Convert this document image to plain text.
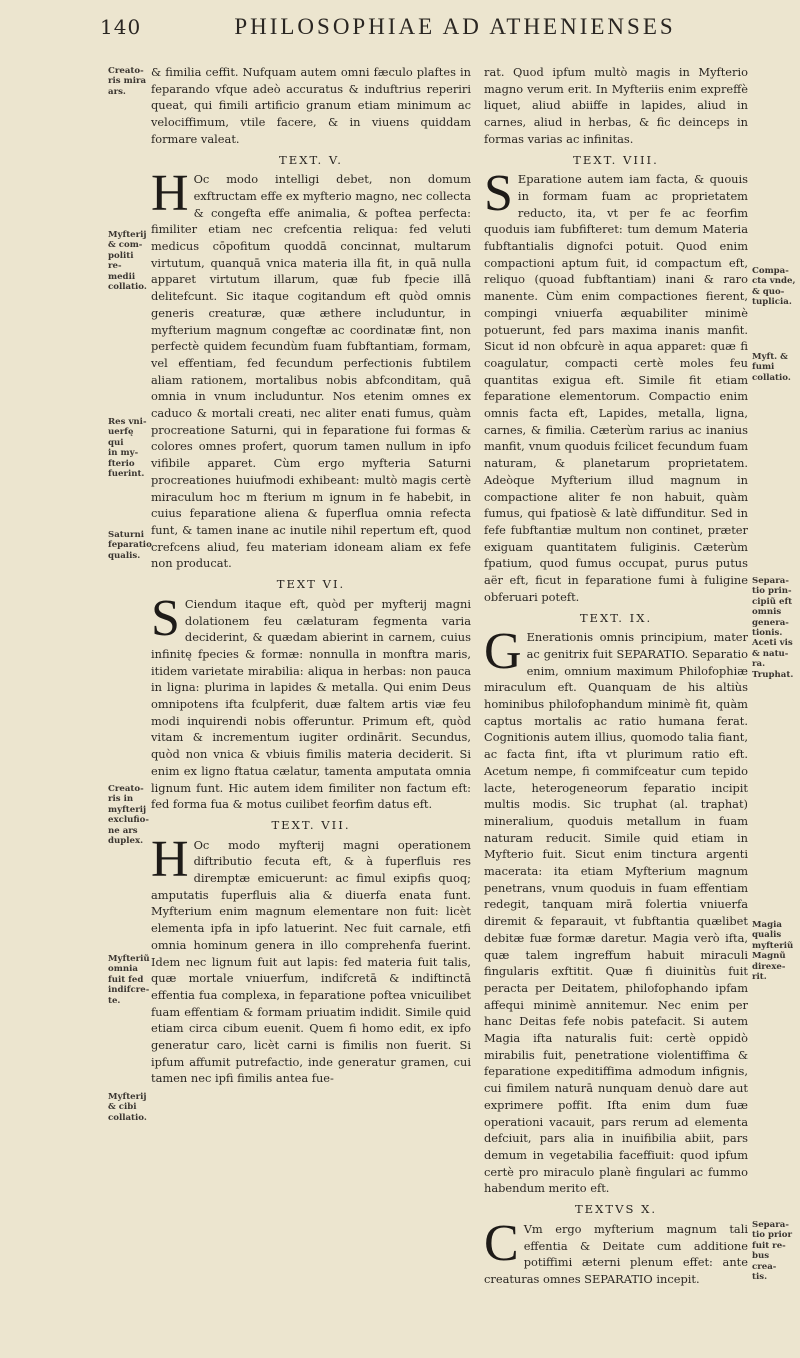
140	PHILOSOPHIAE AD ATHENIENSES
Creato-
ris mira
ars.
Myfterij
& com-
politi re-
medii
collatio.
Res vni-
uerfę qui
in my-
fterio
fuerint.
Saturni
feparatio
qualis.
Creato-
ris in
myfterij
exclufio-
ne ars
duplex.
Myfteriũ
omnia
fuit fed
indifcre-
te.
Myfterij
& cibi
collatio.
Compa-
cta vnde,
& quo-
tuplicia.
Myft. &
fumi
collatio.
Separa-
tio prin-
cipiũ eft
omnis
genera-
tionis.
Aceti vis
& natu-
ra.
Truphat.
Magia
qualis
myfteriũ
Magnũ
direxe-
rit.
Separa-
tio prior
fuit re-
bus crea-
tis.

& fimilia ceffit. Nufquam autem omni fæculo plaftes in feparando vfque adeò accuratus & induftrius reperiri queat, qui fimili artificio granum etiam minimum ac velociffimum, vtile facere, & in viuens quiddam formare valeat.

TEXT. V.

H Oc modo intelligi debet, non domum exftructam effe ex myfterio magno, nec collecta & congefta effe animalia, & poftea perfecta: fimiliter etiam nec crefcentia reliqua: fed veluti medicus cōpofitum quoddā concinnat, multarum virtutum, quanquā vnica materia illa fit, in quā nulla apparet virtutum illarum, quæ fub fpecie illā delitefcunt. Sic itaque cogitandum eft quòd omnis generis creaturæ, quæ æthere includuntur, in myfterium magnum congeftæ ac coordinatæ fint, non perfectè quidem fecundùm fuam fubftantiam, formam, vel effentiam, fed fecundum perfectionis fubtilem aliam rationem, mortalibus nobis abfconditam, quā omnia in vnum includuntur. Nos etenim omnes ex caduco & mortali creati, nec aliter enati fumus, quàm procreatione Saturni, qui in feparatione fui formas & colores omnes profert, quorum tamen nullum in ipfo vifibile apparet. Cùm ergo myfteria Saturni procreationes huiufmodi exhibeant: multò magis certè miraculum hoc m fterium m ignum in fe habebit, in cuius feparatione aliena & fuperflua omnia refecta funt, & tamen inane ac inutile nihil repertum eft, quod crefcens aliud, feu materiam idoneam aliam ex fefe non producat.

TEXT VI.

S Ciendum itaque eft, quòd per myfterij magni dolationem feu cælaturam fegmenta varia deciderint, & quædam abierint in carnem, cuius infinitę fpecies & formæ: nonnulla in monftra maris, itidem varietate mirabilia: aliqua in herbas: non pauca in ligna: plurima in lapides & metalla. Qui enim Deus omnipotens ifta fculpferit, duæ faltem artis viæ feu modi inquirendi nobis offeruntur. Primum eft, quòd vitam & incrementum iugiter ordinārit. Secundus, quòd non vnica & vbiuis fimilis materia deciderit. Si enim ex ligno ftatua cælatur, tamenta amputata omnia lignum funt. Hic autem idem fimiliter non factum eft: fed forma fua & motus cuilibet feorfim datus eft.

TEXT. VII.

H Oc modo myfterij magni operationem diftributio fecuta eft, & à fuperfluis res diremptæ emicuerunt: ac fimul exipfis quoq; amputatis fuperfluis alia & diuerfa enata funt. Myfterium enim magnum elementare non fuit: licèt elementa ipfa in ipfo latuerint. Nec fuit carnale, etfi omnia hominum genera in illo comprehenfa fuerint. Idem nec lignum fuit aut lapis: fed materia fuit talis, quæ mortale vniuerfum, indifcretā & indiftinctā effentia fua complexa, in feparatione poftea vnicuilibet fuam effentiam & formam priuatim indidit. Simile quid etiam circa cibum euenit. Quem fi homo edit, ex ipfo generatur caro, licèt carni is fimilis non fuerit. Si ipfum affumit putrefactio, inde generatur gramen, cui tamen nec ipfi fimilis antea fue-

rat. Quod ipfum multò magis in Myfterio magno verum erit. In Myfteriis enim expreffè liquet, aliud abiiffe in lapides, aliud in carnes, aliud in herbas, & fic deinceps in formas varias ac infinitas.

TEXT. VIII.

S Eparatione autem iam facta, & quouis in formam fuam ac proprietatem reducto, ita, vt per fe ac feorfim quoduis iam fubfifteret: tum demum Materia fubftantialis dignofci potuit. Quod enim compactioni aptum fuit, id compactum eft, reliquo (quoad fubftantiam) inani & raro manente. Cùm enim compactiones fierent, compingi vniuerfa æquabiliter minimè potuerunt, fed pars maxima inanis manfit. Sicut id non obfcurè in aqua apparet: quæ fi coagulatur, compacti certè moles feu quantitas exigua eft. Simile fit etiam feparatione elementorum. Compactio enim omnis facta eft, Lapides, metalla, ligna, carnes, & fimilia. Cæterùm rarius ac inanius manfit, vnum quoduis fcilicet fecundum fuam naturam, & planetarum proprietatem. Adeòque Myfterium illud magnum in compactione aliter fe non habuit, quàm fumus, qui fpatiosè & latè diffunditur. Sed in fefe fubftantiæ multum non continet, præter exiguam quantitatem fuliginis. Cæterùm fpatium, quod fumus occupat, purus putus aër eft, ficut in feparatione fumi à fuligine obferuari poteft.

TEXT. IX.

G Enerationis omnis principium, mater ac genitrix fuit SEPARATIO. Separatio enim, omnium maximum Philofophiæ miraculum eft. Quanquam de his altiùs hominibus philofophandum minimè fit, quàm captus mortalis ac ratio humana ferat. Cognitionis autem illius, quomodo talia fiant, ac facta fint, ifta vt plurimum ratio eft. Acetum nempe, fi commifceatur cum tepido lacte, heterogeneorum feparatio incipit multis modis. Sic truphat (al. traphat) mineralium, quoduis metallum in fuam naturam reducit. Simile quid etiam in Myfterio fuit. Sicut enim tinctura argenti macerata: ita etiam Myfterium magnum penetrans, vnum quoduis in fuam effentiam redegit, tanquam mirā folertia vniuerfa diremit & feparauit, vt fubftantia quælibet debitæ fuæ formæ daretur. Magia verò ifta, quæ talem ingreffum habuit miraculi fingularis exftitit. Quæ fi diuinitùs fuit peracta per Deitatem, philofophando ipfam affequi minimè annitemur. Nec enim per hanc Deitas fefe nobis patefacit. Si autem Magia ifta naturalis fuit: certè oppidò mirabilis fuit, penetratione violentiffima & feparatione expeditiffima admodum infignis, cui fimilem naturā nunquam denuò dare aut exprimere poffit. Ifta enim dum fuæ operationi vacauit, pars rerum ad elementa defciuit, pars alia in inuifibilia abiit, pars demum in vegetabilia faceffiuit: quod ipfum certè pro miraculo planè fingulari ac fummo habendum merito eft.

TEXTVS X.

C Vm ergo myfterium magnum tali effentia & Deitate cum additione potiffimi æterni plenum effet: ante creaturas omnes SEPARATIO incepit.
